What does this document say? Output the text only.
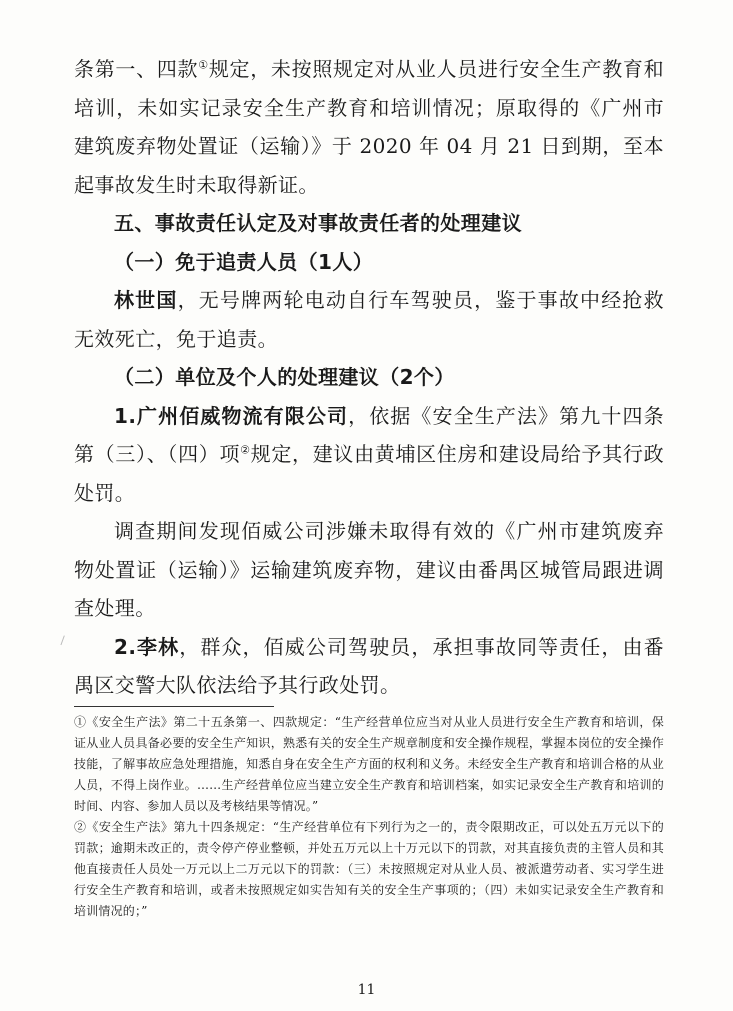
条第一、四款①规定，未按照规定对从业人员进行安全生产教育和培训，未如实记录安全生产教育和培训情况；原取得的《广州市建筑废弃物处置证（运输）》于 2020 年 04 月 21 日到期，至本起事故发生时未取得新证。

五、事故责任认定及对事故责任者的处理建议

（一）免于追责人员（1人）

林世国，无号牌两轮电动自行车驾驶员，鉴于事故中经抢救无效死亡，免于追责。

（二）单位及个人的处理建议（2个）

1.广州佰威物流有限公司，依据《安全生产法》第九十四条第（三）、（四）项②规定，建议由黄埔区住房和建设局给予其行政处罚。

调查期间发现佰威公司涉嫌未取得有效的《广州市建筑废弃物处置证（运输）》运输建筑废弃物，建议由番禺区城管局跟进调查处理。

2.李林，群众，佰威公司驾驶员，承担事故同等责任，由番禺区交警大队依法给予其行政处罚。

①《安全生产法》第二十五条第一、四款规定：“生产经营单位应当对从业人员进行安全生产教育和培训，保证从业人员具备必要的安全生产知识，熟悉有关的安全生产规章制度和安全操作规程，掌握本岗位的安全操作技能，了解事故应急处理措施，知悉自身在安全生产方面的权利和义务。未经安全生产教育和培训合格的从业人员，不得上岗作业。……生产经营单位应当建立安全生产教育和培训档案，如实记录安全生产教育和培训的时间、内容、参加人员以及考核结果等情况。”

②《安全生产法》第九十四条规定：“生产经营单位有下列行为之一的，责令限期改正，可以处五万元以下的罚款；逾期未改正的，责令停产停业整顿，并处五万元以上十万元以下的罚款，对其直接负责的主管人员和其他直接责任人员处一万元以上二万元以下的罚款：（三）未按照规定对从业人员、被派遣劳动者、实习学生进行安全生产教育和培训，或者未按照规定如实告知有关的安全生产事项的；（四）未如实记录安全生产教育和培训情况的；”

11
